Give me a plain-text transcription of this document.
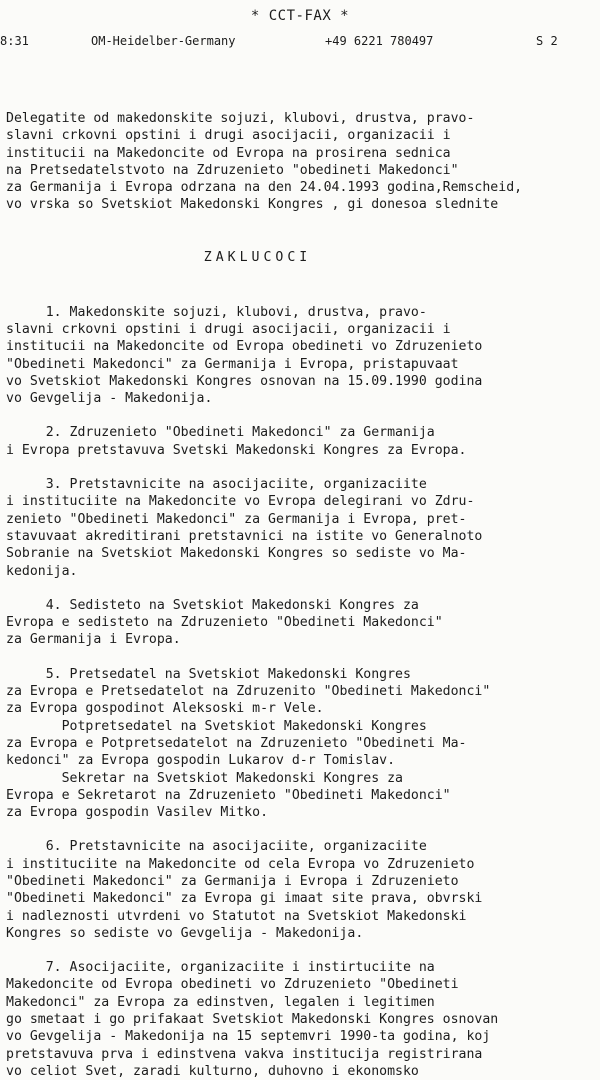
* CCT-FAX *
8:31	OM-Heidelber-Germany	+49 6221 780497	S 2
Delegatite od makedonskite sojuzi, klubovi, drustva, pravo-
slavni crkovni opstini i drugi asocijacii, organizacii i
institucii na Makedoncite od Evropa na prosirena sednica
na Pretsedatelstvoto na Zdruzenieto "obedineti Makedonci"
za Germanija i Evropa odrzana na den 24.04.1993 godina,Remscheid,
vo vrska so Svetskiot Makedonski Kongres , gi donesoa slednite

ZAKLUCOCI

1. Makedonskite sojuzi, klubovi, drustva, pravo-
slavni crkovni opstini i drugi asocijacii, organizacii i
institucii na Makedoncite od Evropa obedineti vo Zdruzenieto
"Obedineti Makedonci" za Germanija i Evropa, pristapuvaat
vo Svetskiot Makedonski Kongres osnovan na 15.09.1990 godina
vo Gevgelija - Makedonija.
2. Zdruzenieto "Obedineti Makedonci" za Germanija
i Evropa pretstavuva Svetski Makedonski Kongres za Evropa.
3. Pretstavnicite na asocijaciite, organizaciite
i instituciite na Makedoncite vo Evropa delegirani vo Zdru-
zenieto "Obedineti Makedonci" za Germanija i Evropa, pret-
stavuvaat akreditirani pretstavnici na istite vo Generalnoto
Sobranie na Svetskiot Makedonski Kongres so sediste vo Ma-
kedonija.
4. Sedisteto na Svetskiot Makedonski Kongres za
Evropa e sedisteto na Zdruzenieto "Obedineti Makedonci"
za Germanija i Evropa.
5. Pretsedatel na Svetskiot Makedonski Kongres
za Evropa e Pretsedatelot na Zdruzenito "Obedineti Makedonci"
za Evropa gospodinot Aleksoski m-r Vele.
Potpretsedatel na Svetskiot Makedonski Kongres
za Evropa e Potpretsedatelot na Zdruzenieto "Obedineti Ma-
kedonci" za Evropa gospodin Lukarov d-r Tomislav.
Sekretar na Svetskiot Makedonski Kongres za
Evropa e Sekretarot na Zdruzenieto "Obedineti Makedonci"
za Evropa gospodin Vasilev Mitko.
6. Pretstavnicite na asocijaciite, organizaciite
i instituciite na Makedoncite od cela Evropa vo Zdruzenieto
"Obedineti Makedonci" za Germanija i Evropa i Zdruzenieto
"Obedineti Makedonci" za Evropa gi imaat site prava, obvrski
i nadleznosti utvrdeni vo Statutot na Svetskiot Makedonski
Kongres so sediste vo Gevgelija - Makedonija.
7. Asocijaciite, organizaciite i instirtuciite na
Makedoncite od Evropa obedineti vo Zdruzenieto "Obedineti
Makedonci" za Evropa za edinstven, legalen i legitimen
go smetaat i go prifakaat Svetskiot Makedonski Kongres osnovan
vo Gevgelija - Makedonija na 15 septemvri 1990-ta godina, koj
pretstavuva prva i edinstvena vakva institucija registrirana
vo celiot Svet, zaradi kulturno, duhovno i ekonomsko
